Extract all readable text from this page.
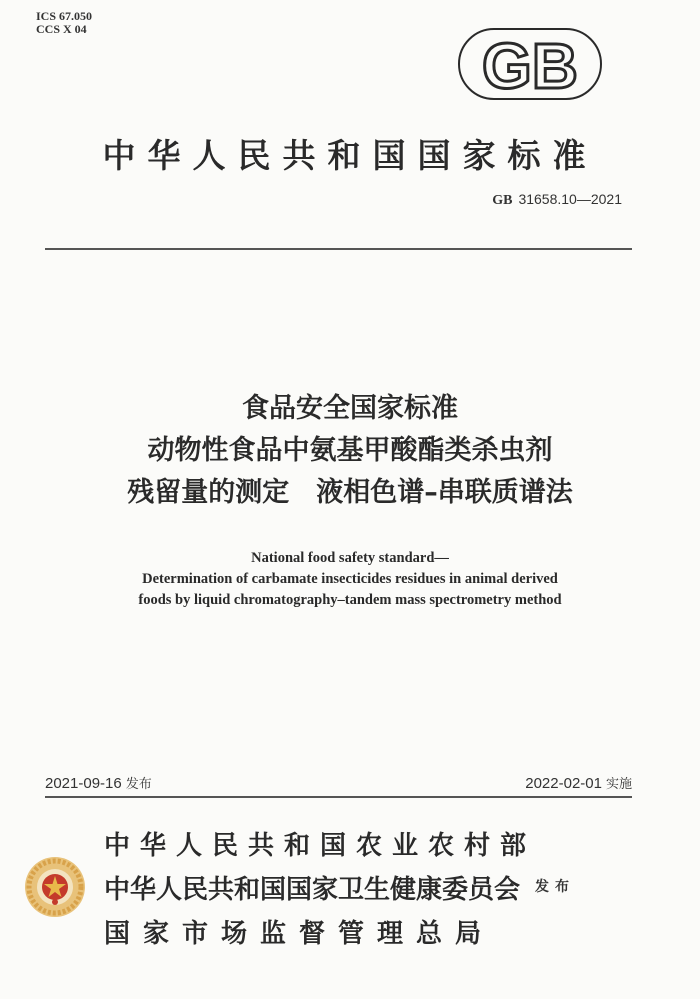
ICS 67.050
CCS X 04
GB
中华人民共和国国家标准
GB 31658.10—2021
食品安全国家标准
动物性食品中氨基甲酸酯类杀虫剂
残留量的测定　液相色谱–串联质谱法
National food safety standard—
Determination of carbamate insecticides residues in animal derived
foods by liquid chromatography–tandem mass spectrometry method
2021-09-16 发布	2022-02-01 实施
中华人民共和国农业农村部
中华人民共和国国家卫生健康委员会
国家市场监督管理总局
发布
